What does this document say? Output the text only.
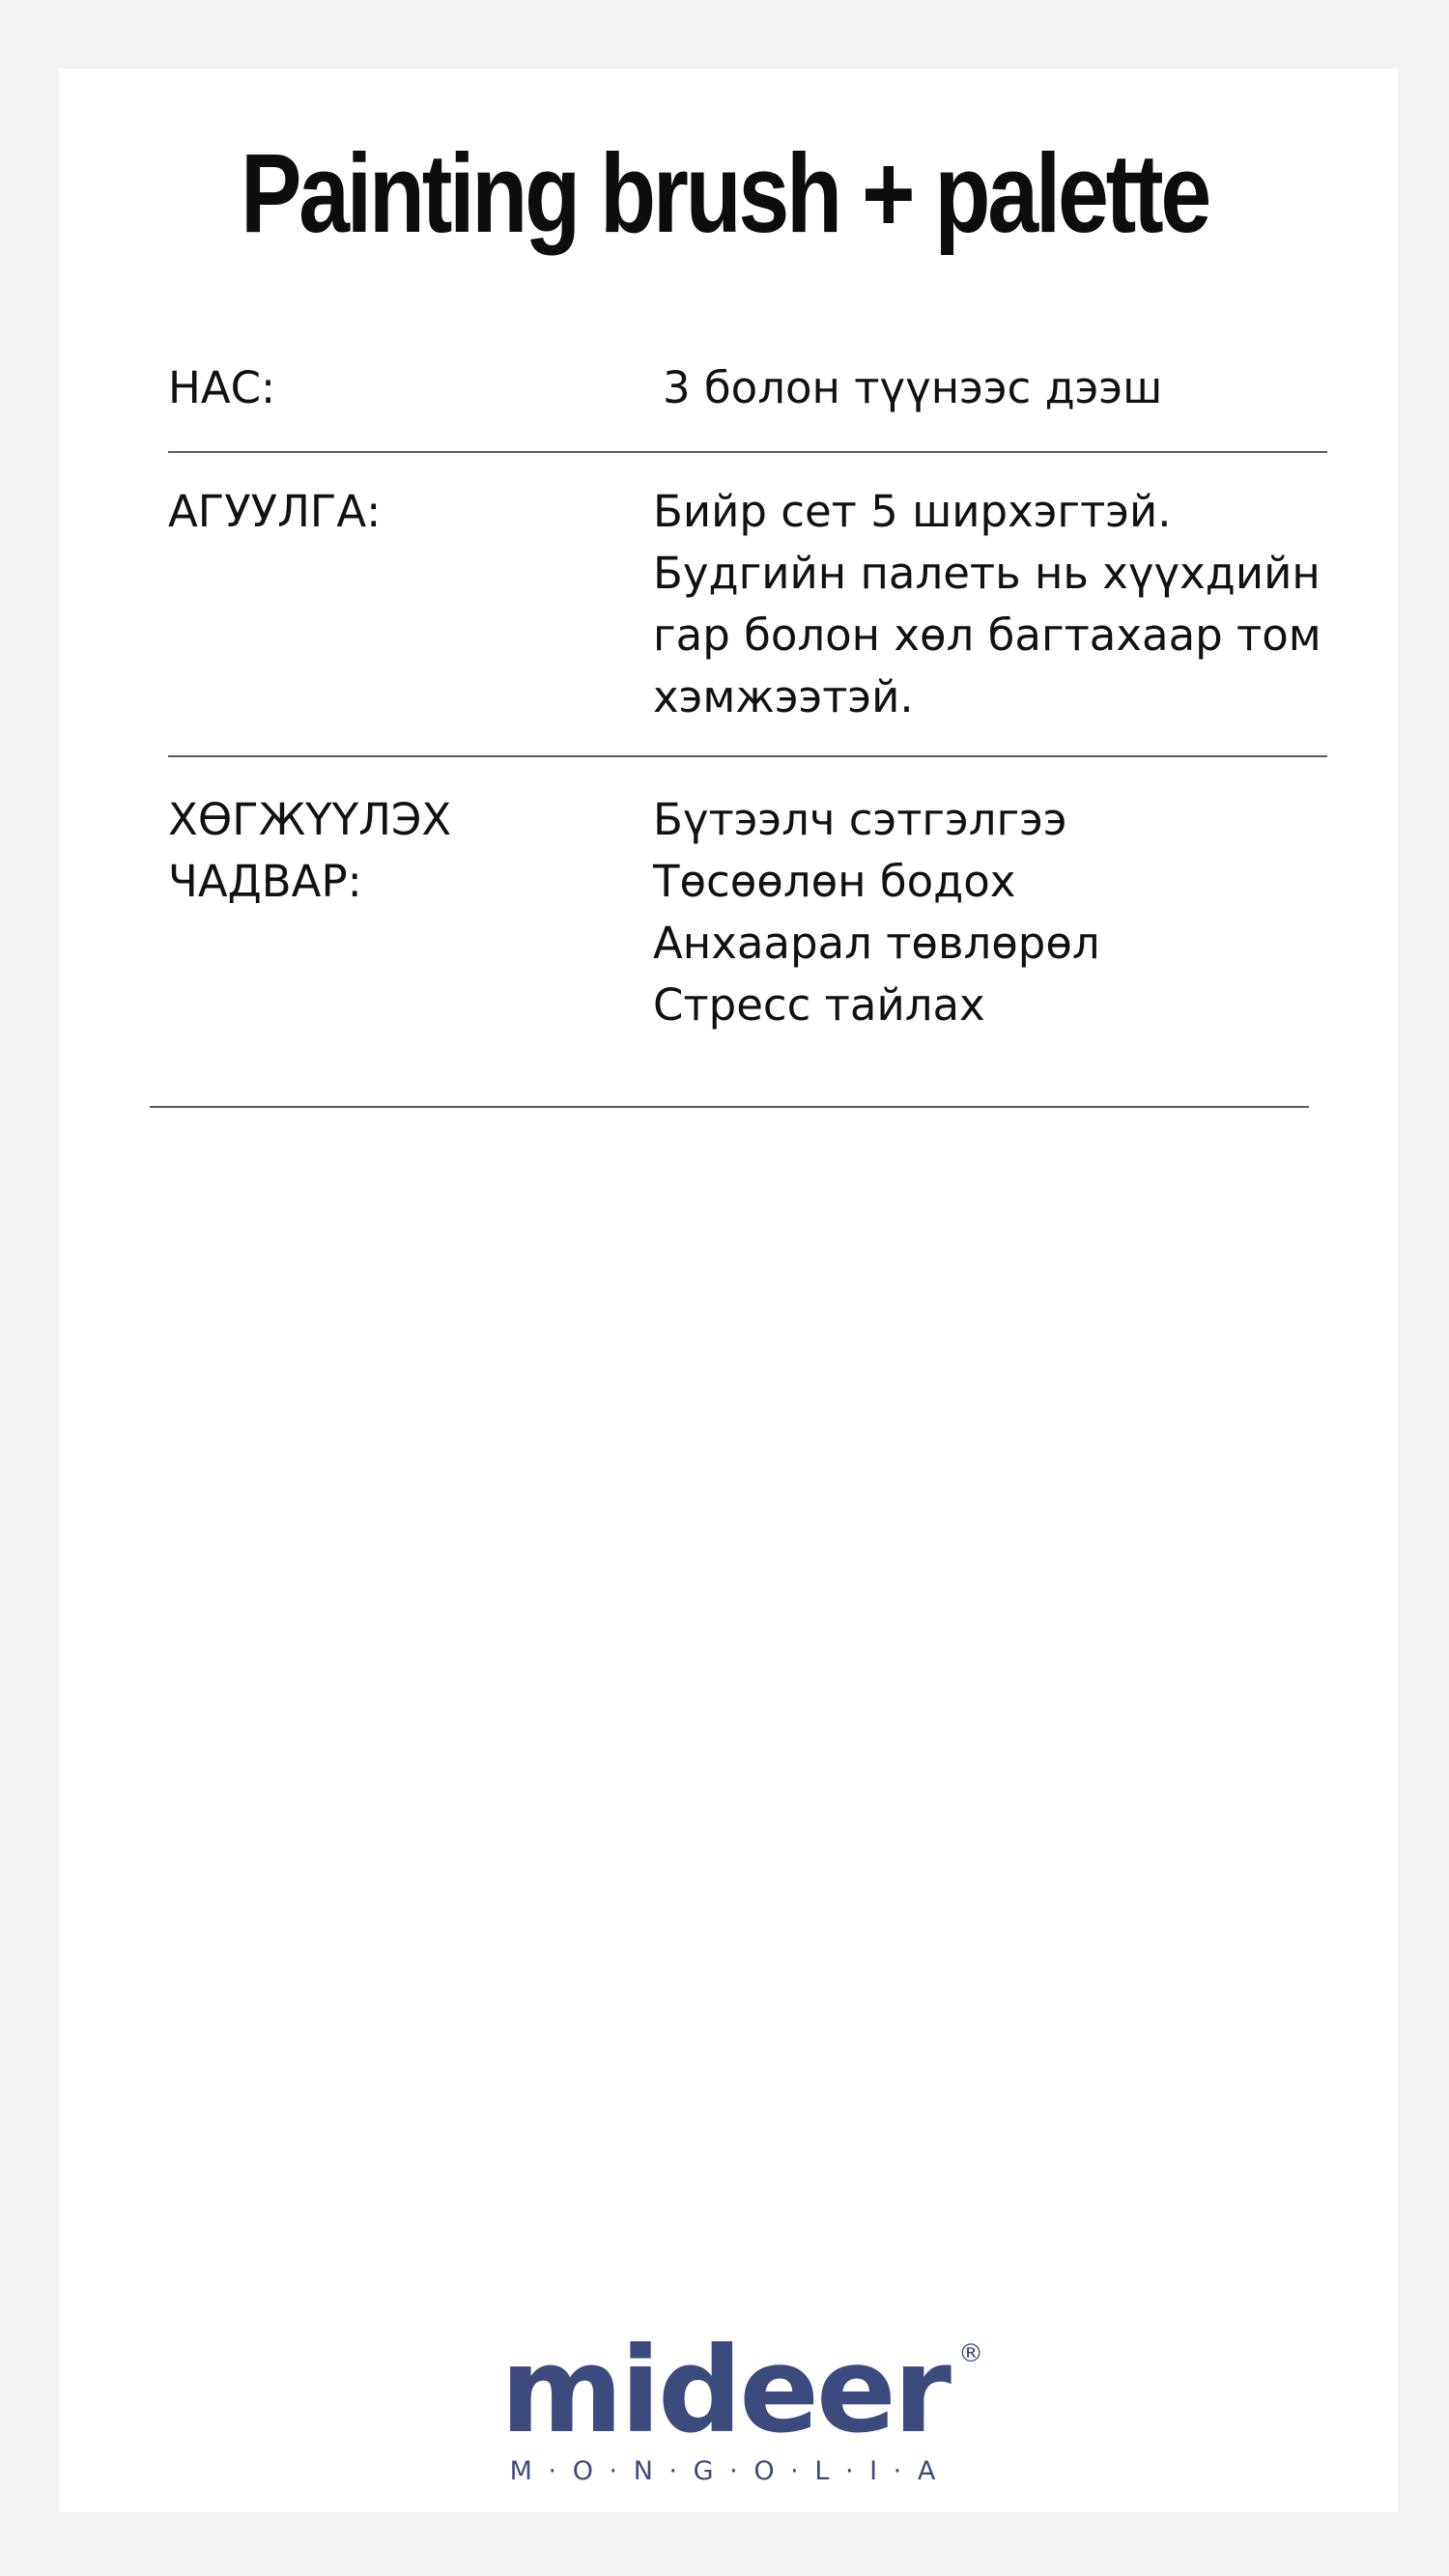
Painting brush + palette
НАС:	3 болон түүнээс дээш
АГУУЛГА:	Бийр сет 5 ширхэгтэй.
Будгийн палеть нь хүүхдийн
гар болон хөл багтахаар том
хэмжээтэй.
ХӨГЖҮҮЛЭХ
ЧАДВАР:
Бүтээлч сэтгэлгээ
Төсөөлөн бодох
Анхаарал төвлөрөл
Стресс тайлах
mideer ®
M · O · N · G · O · L · I · A
